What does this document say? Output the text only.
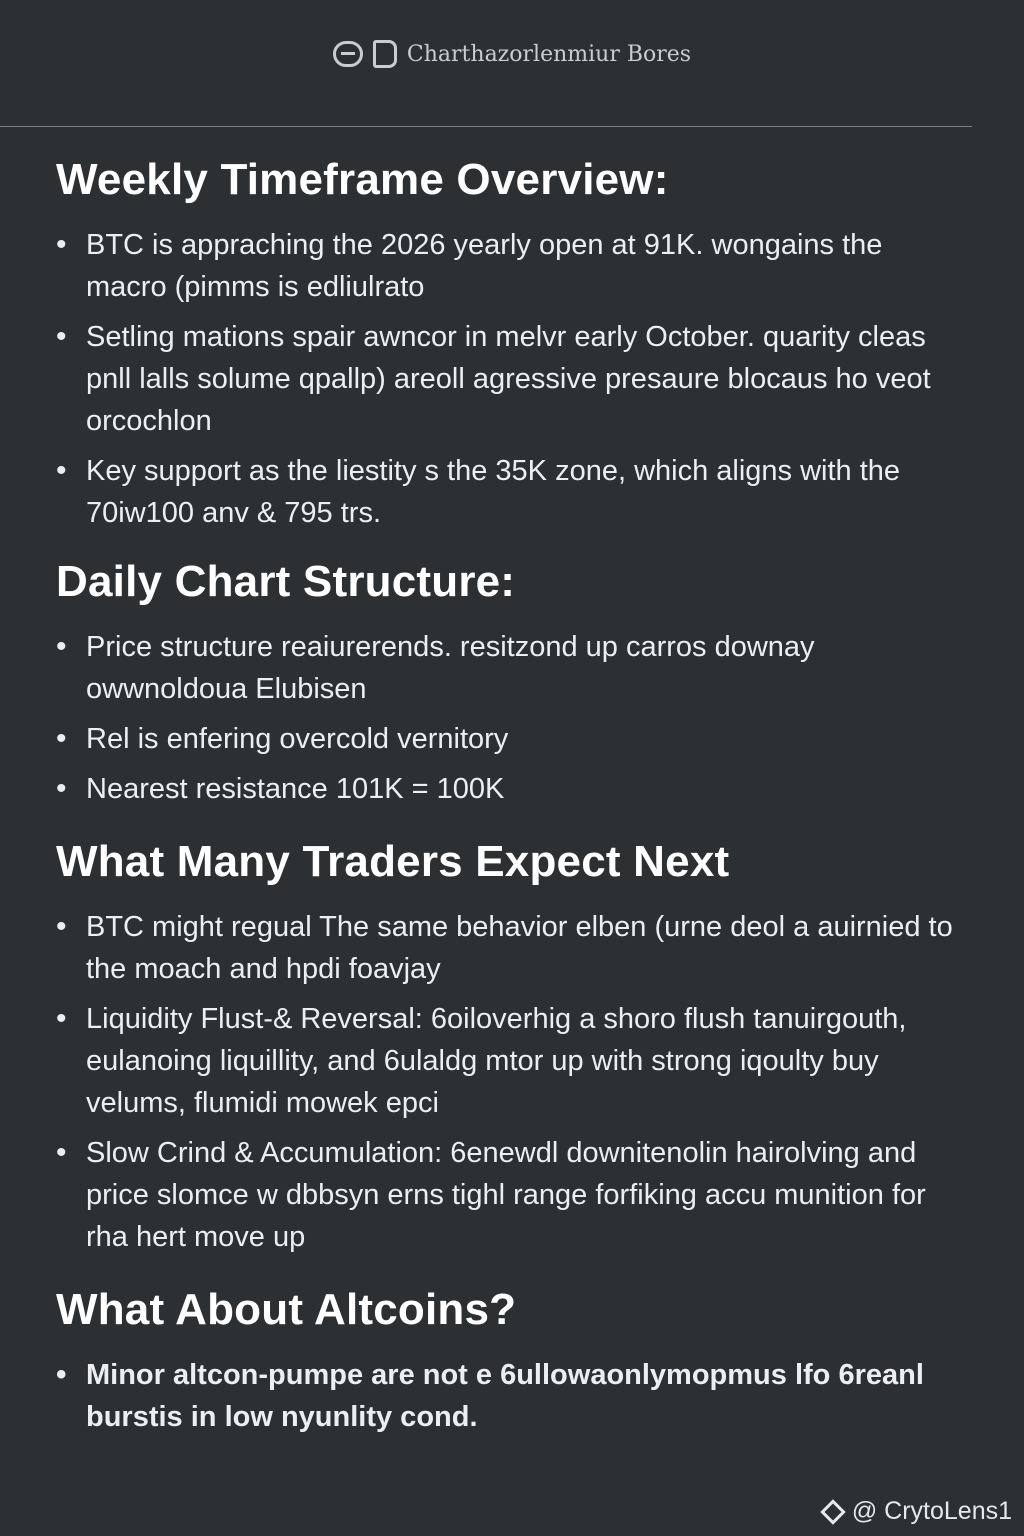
Charthazorlenmiur Bores
Weekly Timeframe Overview:
• BTC is appraching the 2026 yearly open at 91K. wongains the macro (pimms is edliulrato
• Setling mations spair awncor in melvr early October. quarity cleas pnll lalls solume qpallp) areoll agressive presaure blocaus ho veot orcochlon
• Key support as the liestity s the 35K zone, which aligns with the 70iw100 anv & 795 trs.
Daily Chart Structure:
• Price structure reaiurerends. resitzond up carros downay owwnoldoua Elubisen
• Rel is enfering overcold vernitory
• Nearest resistance 101K = 100K
What Many Traders Expect Next
• BTC might regual The same behavior elben (urne deol a auirnied to the moach and hpdi foavjay
• Liquidity Flust-& Reversal: 6oiloverhig a shoro flush tanuirgouth, eulanoing liquillity, and 6ulaldg mtor up with strong iqoulty buy velums, flumidi mowek epci
• Slow Crind & Accumulation: 6enewdl downitenolin hairolving and price slomce w dbbsyn erns tighl range forfiking accu munition for rha hert move up
What About Altcoins?
• Minor altcon-pumpe are not e 6ullowaonlymopmus lfo 6reanl burstis in low nyunlity cond.
@ CrytoLens1
